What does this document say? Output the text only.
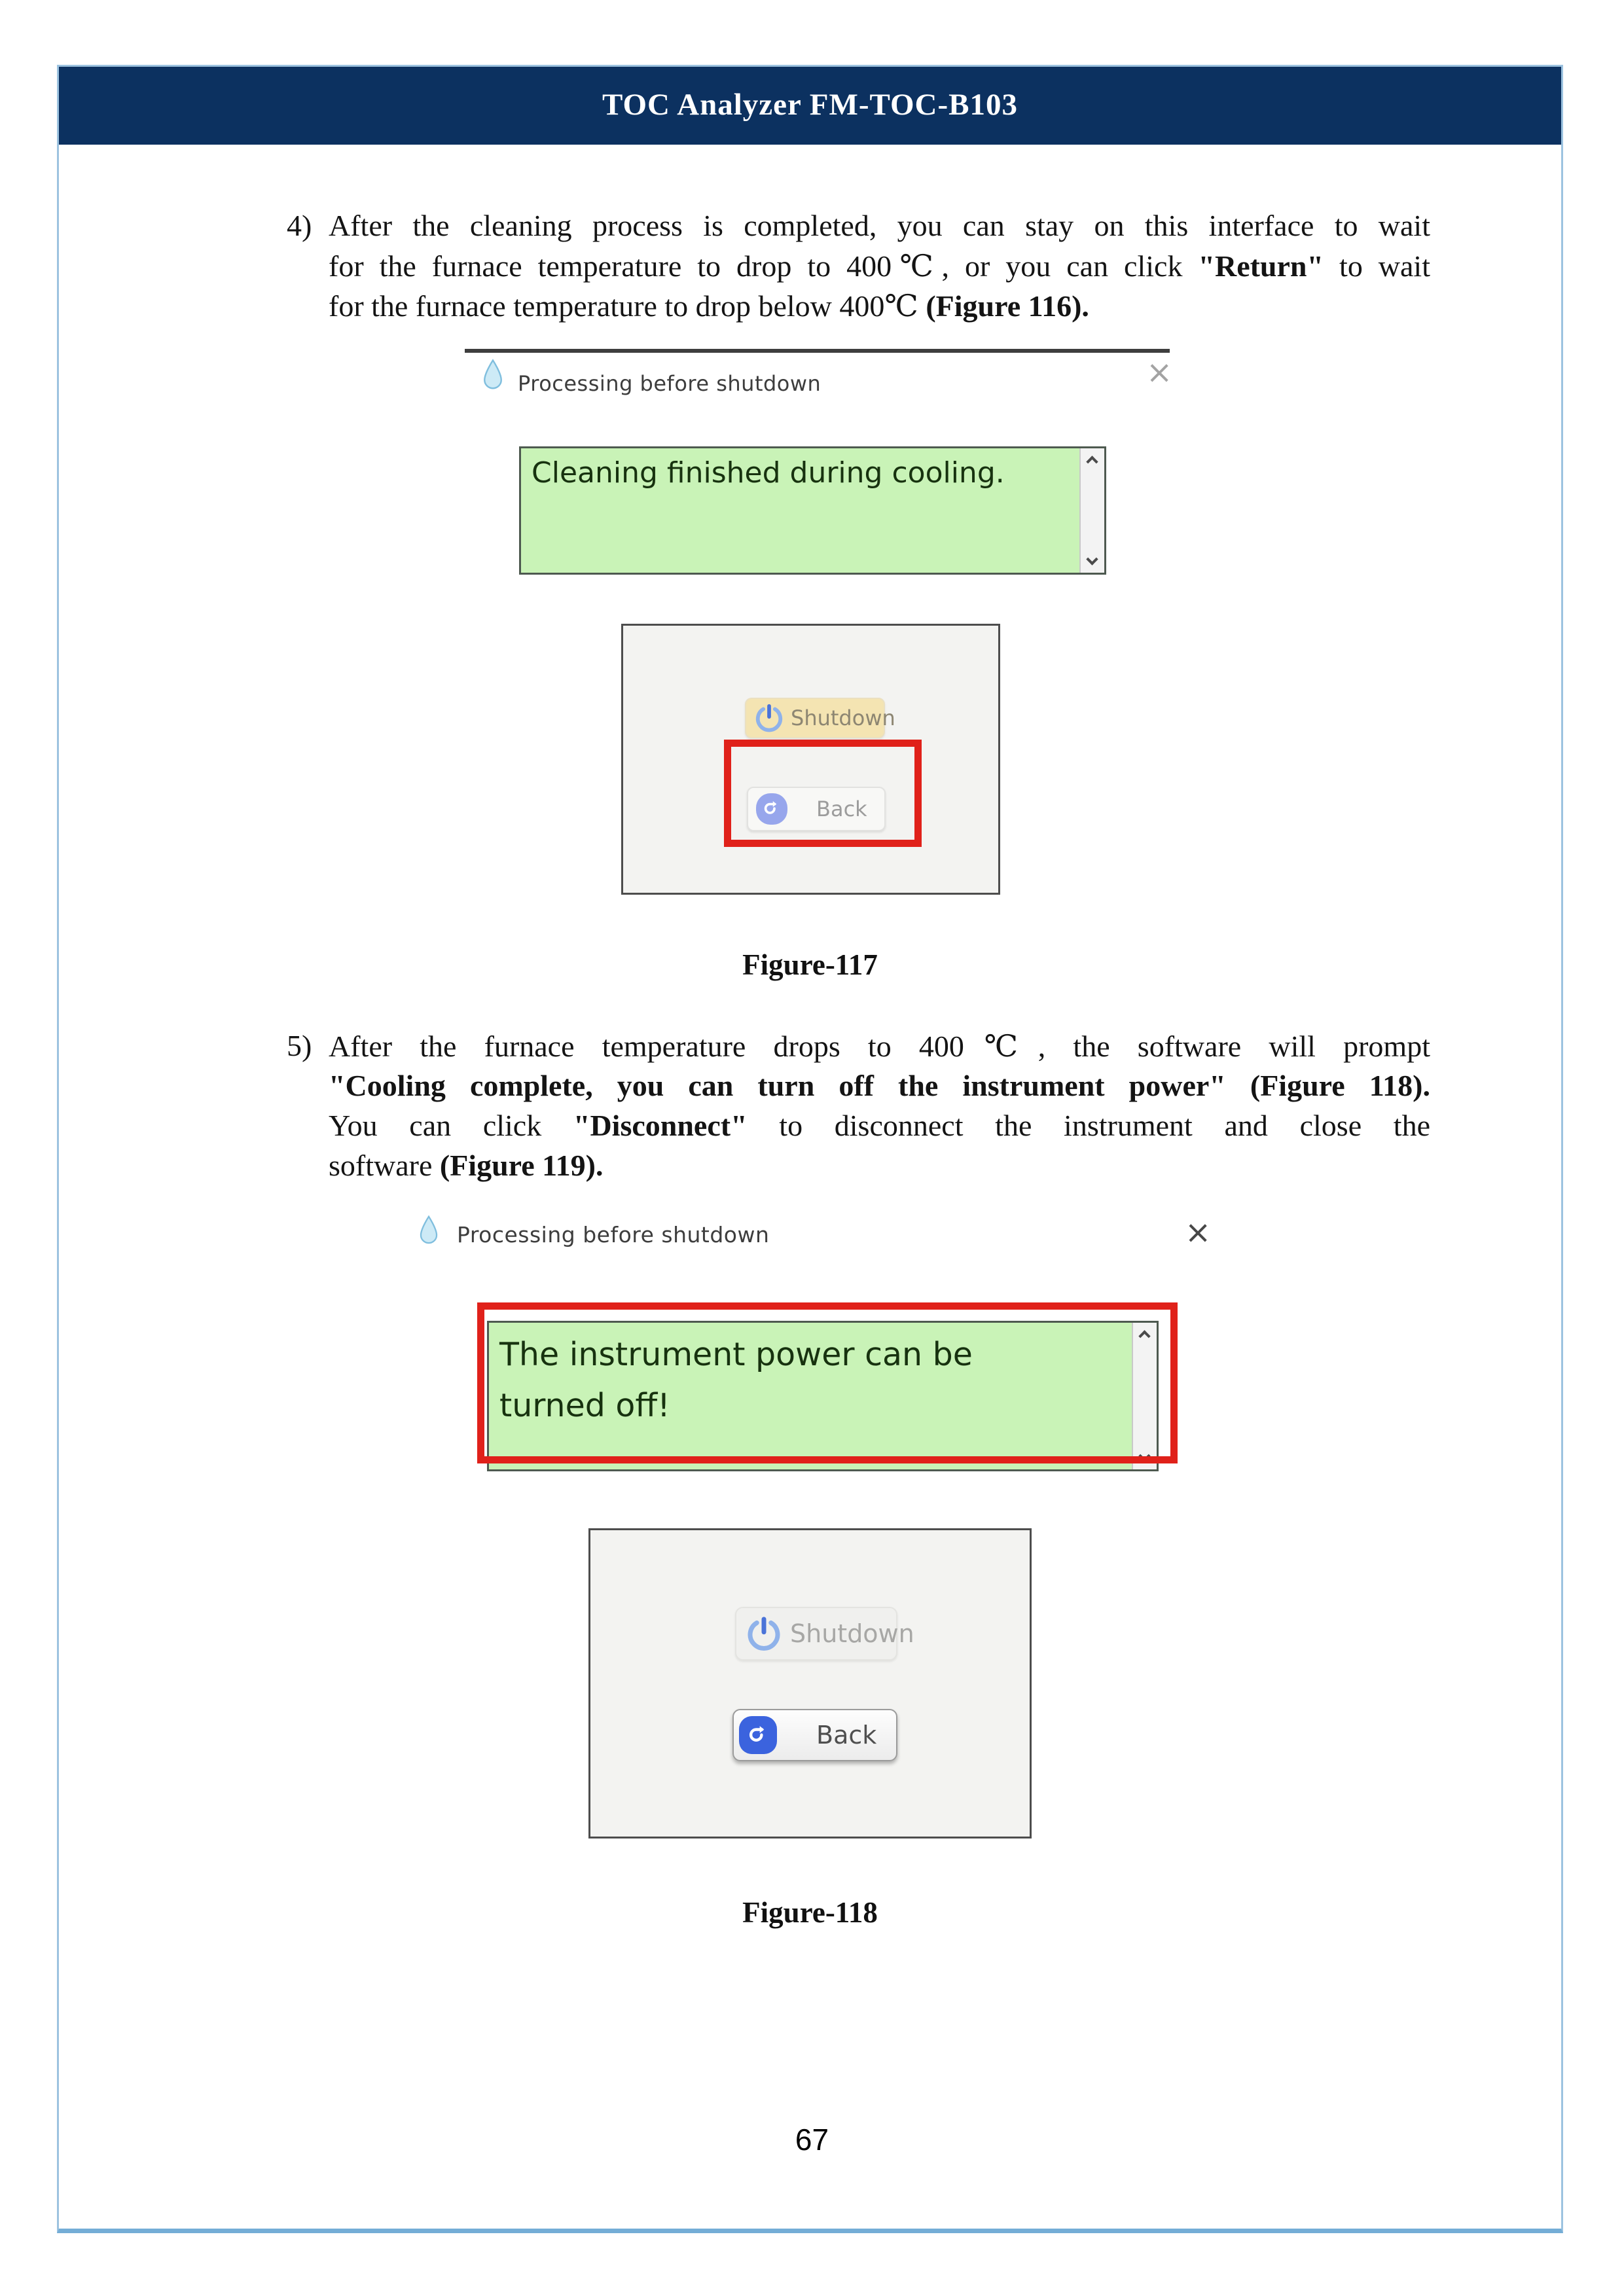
TOC Analyzer FM-TOC-B103
4) After the cleaning process is completed, you can stay on this interface to wait
for the furnace temperature to drop to 400℃, or you can click "Return" to wait
for the furnace temperature to drop below 400℃ (Figure 116).
Processing before shutdown	×
Cleaning finished during cooling.
Shutdown
Back
Figure-117
5) After the furnace temperature drops to 400℃, the software will prompt
"Cooling complete, you can turn off the instrument power" (Figure 118).
You can click "Disconnect" to disconnect the instrument and close the
software (Figure 119).
Processing before shutdown	×
The instrument power can be turned off!
Shutdown
Back
Figure-118
67
